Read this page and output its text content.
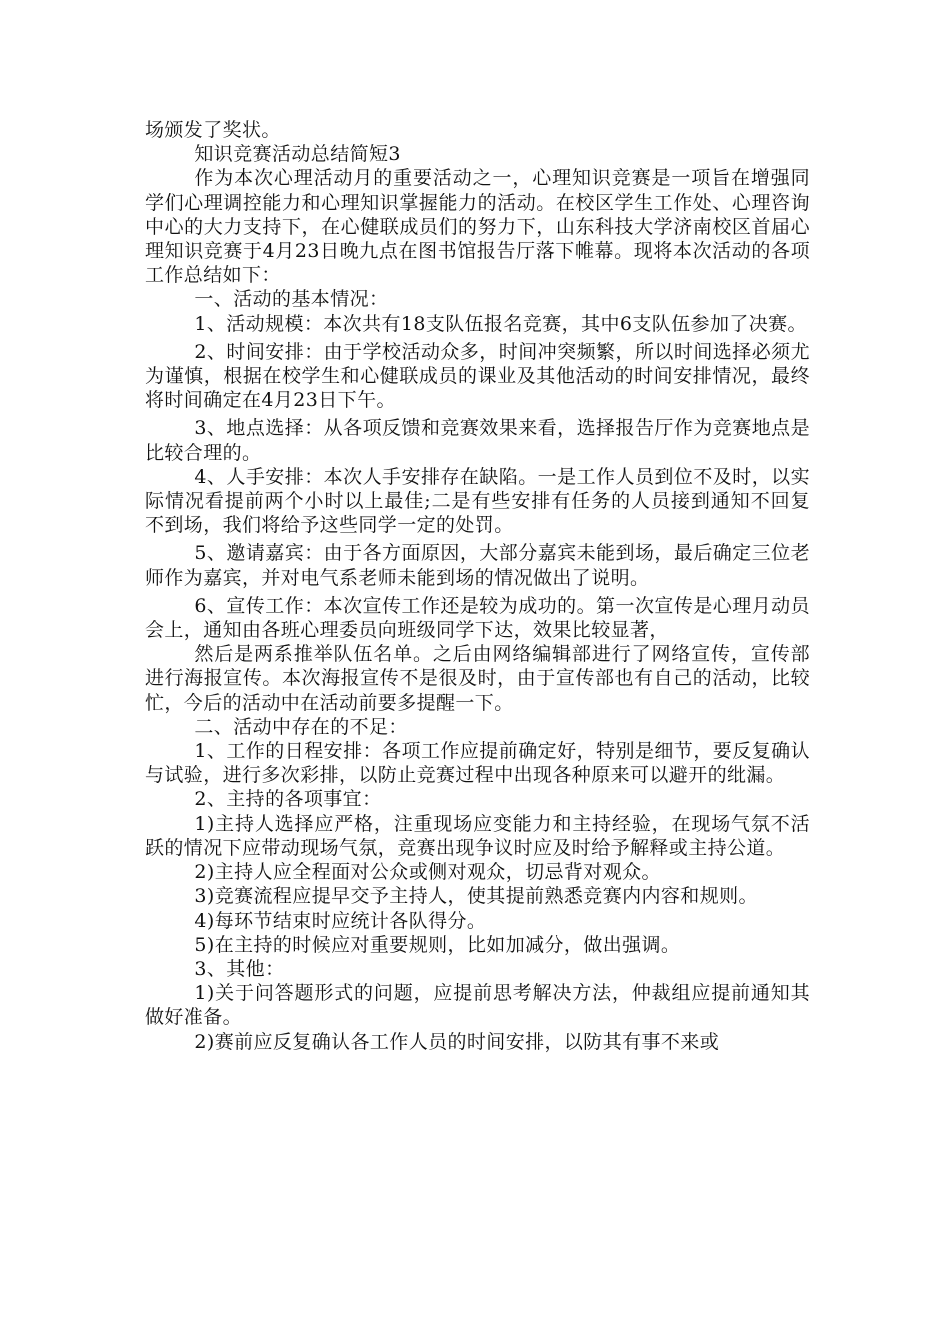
场颁发了奖状。

知识竞赛活动总结简短3

作为本次心理活动月的重要活动之一，心理知识竞赛是一项旨在增强同学们心理调控能力和心理知识掌握能力的活动。在校区学生工作处、心理咨询中心的大力支持下，在心健联成员们的努力下，山东科技大学济南校区首届心理知识竞赛于4月23日晚九点在图书馆报告厅落下帷幕。现将本次活动的各项工作总结如下：

一、活动的基本情况：

1、活动规模：本次共有18支队伍报名竞赛，其中6支队伍参加了决赛。

2、时间安排：由于学校活动众多，时间冲突频繁，所以时间选择必须尤为谨慎，根据在校学生和心健联成员的课业及其他活动的时间安排情况，最终将时间确定在4月23日下午。

3、地点选择：从各项反馈和竞赛效果来看，选择报告厅作为竞赛地点是比较合理的。

4、人手安排：本次人手安排存在缺陷。一是工作人员到位不及时，以实际情况看提前两个小时以上最佳;二是有些安排有任务的人员接到通知不回复不到场，我们将给予这些同学一定的处罚。

5、邀请嘉宾：由于各方面原因，大部分嘉宾未能到场，最后确定三位老师作为嘉宾，并对电气系老师未能到场的情况做出了说明。

6、宣传工作：本次宣传工作还是较为成功的。第一次宣传是心理月动员会上，通知由各班心理委员向班级同学下达，效果比较显著，

然后是两系推举队伍名单。之后由网络编辑部进行了网络宣传，宣传部进行海报宣传。本次海报宣传不是很及时，由于宣传部也有自己的活动，比较忙，今后的活动中在活动前要多提醒一下。

二、活动中存在的不足：

1、工作的日程安排：各项工作应提前确定好，特别是细节，要反复确认与试验，进行多次彩排，以防止竞赛过程中出现各种原来可以避开的纰漏。

2、主持的各项事宜：

1)主持人选择应严格，注重现场应变能力和主持经验，在现场气氛不活跃的情况下应带动现场气氛，竞赛出现争议时应及时给予解释或主持公道。

2)主持人应全程面对公众或侧对观众，切忌背对观众。

3)竞赛流程应提早交予主持人，使其提前熟悉竞赛内内容和规则。

4)每环节结束时应统计各队得分。

5)在主持的时候应对重要规则，比如加减分，做出强调。

3、其他：

1)关于问答题形式的问题，应提前思考解决方法，仲裁组应提前通知其做好准备。

2)赛前应反复确认各工作人员的时间安排，以防其有事不来或
